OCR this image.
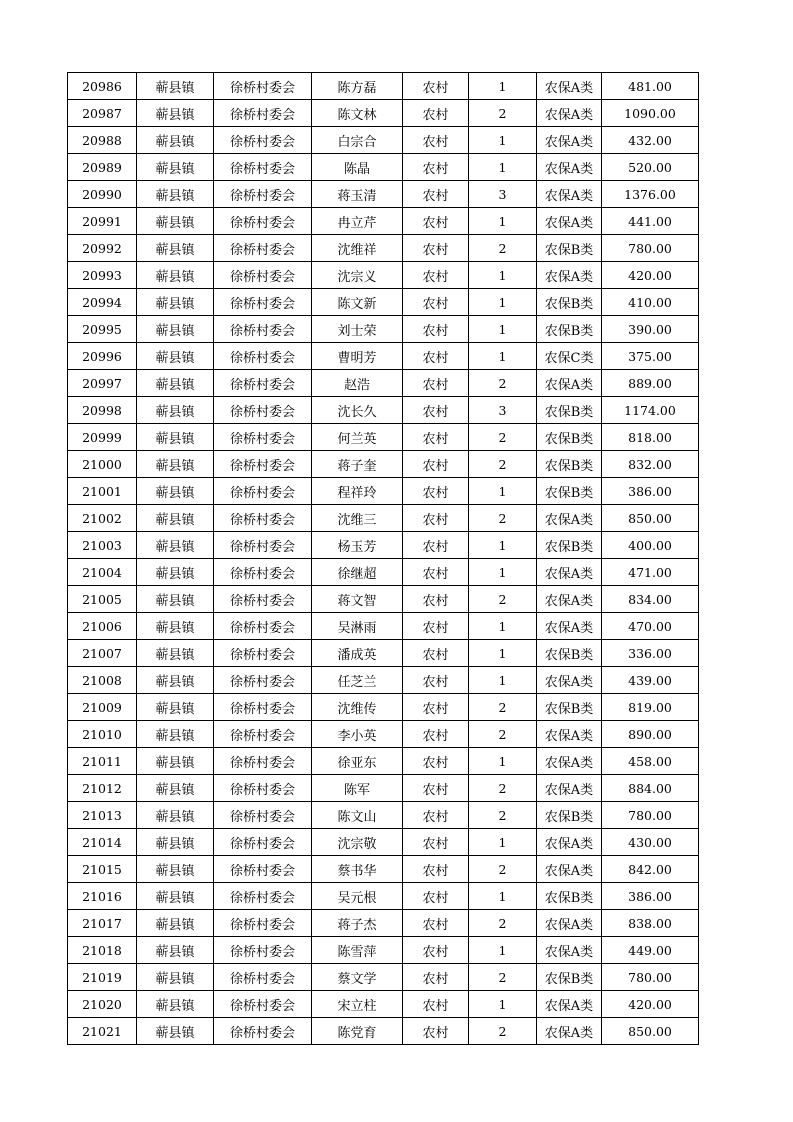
20986	蕲县镇	徐桥村委会	陈方磊	农村	1	农保A类	481.00
20987	蕲县镇	徐桥村委会	陈文林	农村	2	农保A类	1090.00
20988	蕲县镇	徐桥村委会	白宗合	农村	1	农保A类	432.00
20989	蕲县镇	徐桥村委会	陈晶	农村	1	农保A类	520.00
20990	蕲县镇	徐桥村委会	蒋玉清	农村	3	农保A类	1376.00
20991	蕲县镇	徐桥村委会	冉立芹	农村	1	农保A类	441.00
20992	蕲县镇	徐桥村委会	沈维祥	农村	2	农保B类	780.00
20993	蕲县镇	徐桥村委会	沈宗义	农村	1	农保A类	420.00
20994	蕲县镇	徐桥村委会	陈文新	农村	1	农保B类	410.00
20995	蕲县镇	徐桥村委会	刘士荣	农村	1	农保B类	390.00
20996	蕲县镇	徐桥村委会	曹明芳	农村	1	农保C类	375.00
20997	蕲县镇	徐桥村委会	赵浩	农村	2	农保A类	889.00
20998	蕲县镇	徐桥村委会	沈长久	农村	3	农保B类	1174.00
20999	蕲县镇	徐桥村委会	何兰英	农村	2	农保B类	818.00
21000	蕲县镇	徐桥村委会	蒋子奎	农村	2	农保B类	832.00
21001	蕲县镇	徐桥村委会	程祥玲	农村	1	农保B类	386.00
21002	蕲县镇	徐桥村委会	沈维三	农村	2	农保A类	850.00
21003	蕲县镇	徐桥村委会	杨玉芳	农村	1	农保B类	400.00
21004	蕲县镇	徐桥村委会	徐继超	农村	1	农保A类	471.00
21005	蕲县镇	徐桥村委会	蒋文智	农村	2	农保A类	834.00
21006	蕲县镇	徐桥村委会	吴淋雨	农村	1	农保A类	470.00
21007	蕲县镇	徐桥村委会	潘成英	农村	1	农保B类	336.00
21008	蕲县镇	徐桥村委会	任芝兰	农村	1	农保A类	439.00
21009	蕲县镇	徐桥村委会	沈维传	农村	2	农保B类	819.00
21010	蕲县镇	徐桥村委会	李小英	农村	2	农保A类	890.00
21011	蕲县镇	徐桥村委会	徐亚东	农村	1	农保A类	458.00
21012	蕲县镇	徐桥村委会	陈军	农村	2	农保A类	884.00
21013	蕲县镇	徐桥村委会	陈文山	农村	2	农保B类	780.00
21014	蕲县镇	徐桥村委会	沈宗敬	农村	1	农保A类	430.00
21015	蕲县镇	徐桥村委会	蔡书华	农村	2	农保A类	842.00
21016	蕲县镇	徐桥村委会	吴元根	农村	1	农保B类	386.00
21017	蕲县镇	徐桥村委会	蒋子杰	农村	2	农保A类	838.00
21018	蕲县镇	徐桥村委会	陈雪萍	农村	1	农保A类	449.00
21019	蕲县镇	徐桥村委会	蔡文学	农村	2	农保B类	780.00
21020	蕲县镇	徐桥村委会	宋立柱	农村	1	农保A类	420.00
21021	蕲县镇	徐桥村委会	陈党育	农村	2	农保A类	850.00
